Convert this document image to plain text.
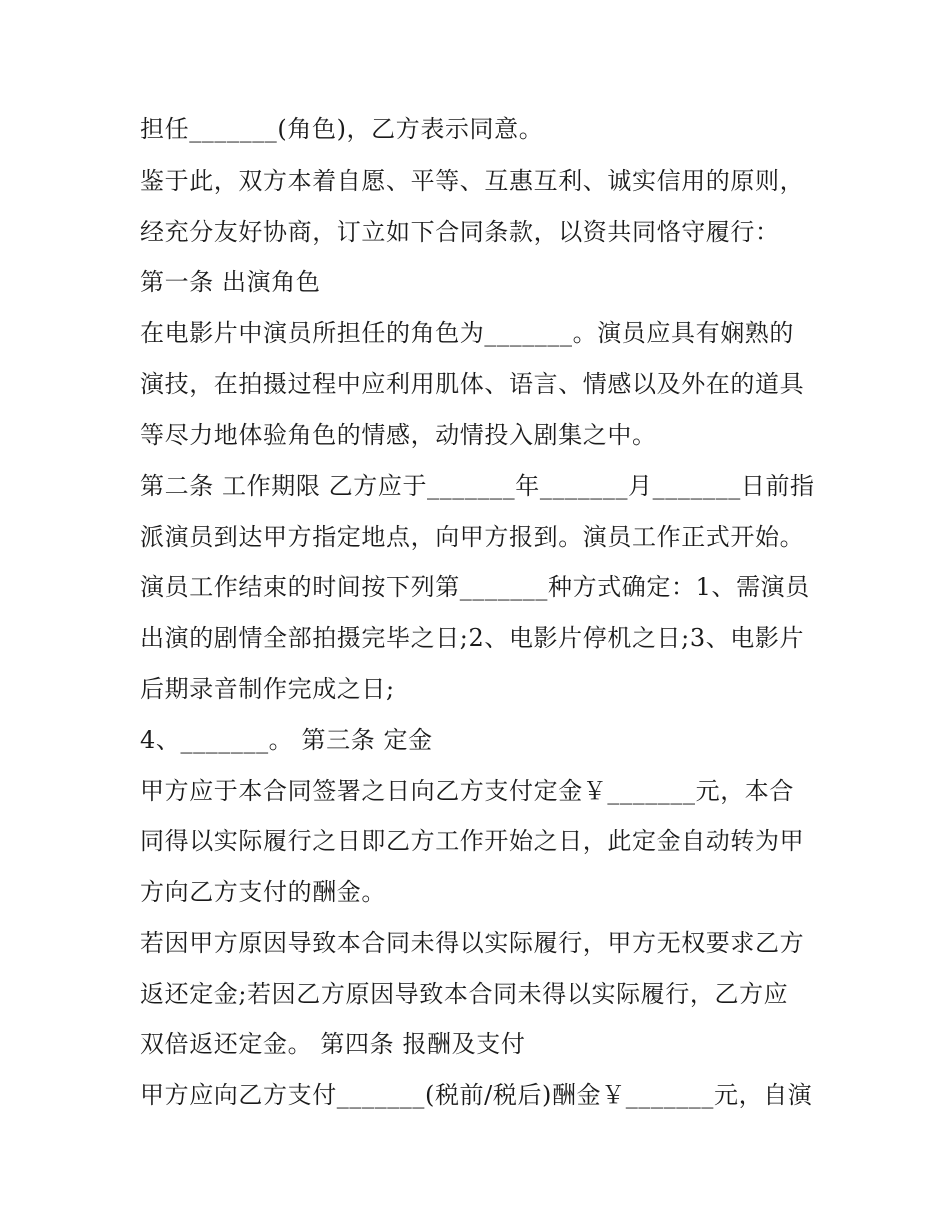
担任_______(角色)，乙方表示同意。
鉴于此，双方本着自愿、平等、互惠互利、诚实信用的原则，
经充分友好协商，订立如下合同条款，以资共同恪守履行：
第一条 出演角色
在电影片中演员所担任的角色为_______。演员应具有娴熟的
演技，在拍摄过程中应利用肌体、语言、情感以及外在的道具
等尽力地体验角色的情感，动情投入剧集之中。
第二条 工作期限 乙方应于_______年_______月_______日前指
派演员到达甲方指定地点，向甲方报到。演员工作正式开始。
演员工作结束的时间按下列第_______种方式确定：1、需演员
出演的剧情全部拍摄完毕之日;2、电影片停机之日;3、电影片
后期录音制作完成之日;
4、_______。 第三条 定金
甲方应于本合同签署之日向乙方支付定金￥_______元，本合
同得以实际履行之日即乙方工作开始之日，此定金自动转为甲
方向乙方支付的酬金。
若因甲方原因导致本合同未得以实际履行，甲方无权要求乙方
返还定金;若因乙方原因导致本合同未得以实际履行，乙方应
双倍返还定金。 第四条 报酬及支付
甲方应向乙方支付_______(税前/税后)酬金￥_______元，自演
